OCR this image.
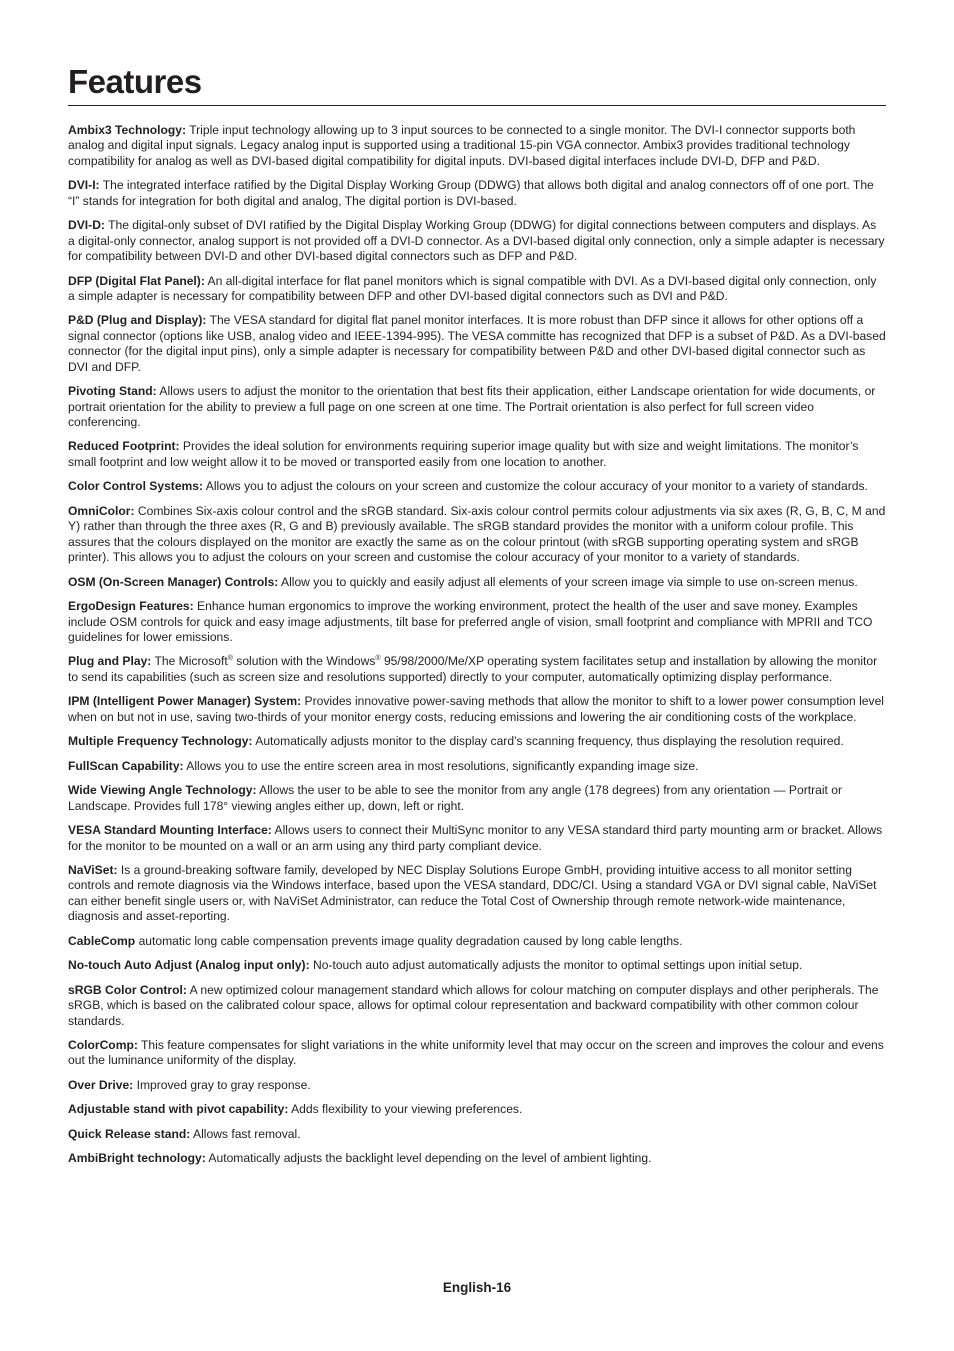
Features

Ambix3 Technology: Triple input technology allowing up to 3 input sources to be connected to a single monitor. The DVI-I connector supports both analog and digital input signals. Legacy analog input is supported using a traditional 15-pin VGA connector. Ambix3 provides traditional technology compatibility for analog as well as DVI-based digital compatibility for digital inputs. DVI-based digital interfaces include DVI-D, DFP and P&D.

DVI-I: The integrated interface ratified by the Digital Display Working Group (DDWG) that allows both digital and analog connectors off of one port. The “I” stands for integration for both digital and analog, The digital portion is DVI-based.

DVI-D: The digital-only subset of DVI ratified by the Digital Display Working Group (DDWG) for digital connections between computers and displays. As a digital-only connector, analog support is not provided off a DVI-D connector. As a DVI-based digital only connection, only a simple adapter is necessary for compatibility between DVI-D and other DVI-based digital connectors such as DFP and P&D.

DFP (Digital Flat Panel): An all-digital interface for flat panel monitors which is signal compatible with DVI. As a DVI-based digital only connection, only a simple adapter is necessary for compatibility between DFP and other DVI-based digital connectors such as DVI and P&D.

P&D (Plug and Display): The VESA standard for digital flat panel monitor interfaces. It is more robust than DFP since it allows for other options off a signal connector (options like USB, analog video and IEEE-1394-995). The VESA committe has recognized that DFP is a subset of P&D. As a DVI-based connector (for the digital input pins), only a simple adapter is necessary for compatibility between P&D and other DVI-based digital connector such as DVI and DFP.

Pivoting Stand: Allows users to adjust the monitor to the orientation that best fits their application, either Landscape orientation for wide documents, or portrait orientation for the ability to preview a full page on one screen at one time. The Portrait orientation is also perfect for full screen video conferencing.

Reduced Footprint: Provides the ideal solution for environments requiring superior image quality but with size and weight limitations. The monitor’s small footprint and low weight allow it to be moved or transported easily from one location to another.

Color Control Systems: Allows you to adjust the colours on your screen and customize the colour accuracy of your monitor to a variety of standards.

OmniColor: Combines Six-axis colour control and the sRGB standard. Six-axis colour control permits colour adjustments via six axes (R, G, B, C, M and Y) rather than through the three axes (R, G and B) previously available. The sRGB standard provides the monitor with a uniform colour profile. This assures that the colours displayed on the monitor are exactly the same as on the colour printout (with sRGB supporting operating system and sRGB printer). This allows you to adjust the colours on your screen and customise the colour accuracy of your monitor to a variety of standards.

OSM (On-Screen Manager) Controls: Allow you to quickly and easily adjust all elements of your screen image via simple to use on-screen menus.

ErgoDesign Features: Enhance human ergonomics to improve the working environment, protect the health of the user and save money. Examples include OSM controls for quick and easy image adjustments, tilt base for preferred angle of vision, small footprint and compliance with MPRII and TCO guidelines for lower emissions.

Plug and Play: The Microsoft® solution with the Windows® 95/98/2000/Me/XP operating system facilitates setup and installation by allowing the monitor to send its capabilities (such as screen size and resolutions supported) directly to your computer, automatically optimizing display performance.

IPM (Intelligent Power Manager) System: Provides innovative power-saving methods that allow the monitor to shift to a lower power consumption level when on but not in use, saving two-thirds of your monitor energy costs, reducing emissions and lowering the air conditioning costs of the workplace.

Multiple Frequency Technology: Automatically adjusts monitor to the display card’s scanning frequency, thus displaying the resolution required.

FullScan Capability: Allows you to use the entire screen area in most resolutions, significantly expanding image size.

Wide Viewing Angle Technology: Allows the user to be able to see the monitor from any angle (178 degrees) from any orientation — Portrait or Landscape. Provides full 178° viewing angles either up, down, left or right.

VESA Standard Mounting Interface: Allows users to connect their MultiSync monitor to any VESA standard third party mounting arm or bracket. Allows for the monitor to be mounted on a wall or an arm using any third party compliant device.

NaViSet: Is a ground-breaking software family, developed by NEC Display Solutions Europe GmbH, providing intuitive access to all monitor setting controls and remote diagnosis via the Windows interface, based upon the VESA standard, DDC/CI. Using a standard VGA or DVI signal cable, NaViSet can either benefit single users or, with NaViSet Administrator, can reduce the Total Cost of Ownership through remote network-wide maintenance, diagnosis and asset-reporting.

CableComp automatic long cable compensation prevents image quality degradation caused by long cable lengths.

No-touch Auto Adjust (Analog input only): No-touch auto adjust automatically adjusts the monitor to optimal settings upon initial setup.

sRGB Color Control: A new optimized colour management standard which allows for colour matching on computer displays and other peripherals. The sRGB, which is based on the calibrated colour space, allows for optimal colour representation and backward compatibility with other common colour standards.

ColorComp: This feature compensates for slight variations in the white uniformity level that may occur on the screen and improves the colour and evens out the luminance uniformity of the display.

Over Drive: Improved gray to gray response.

Adjustable stand with pivot capability: Adds flexibility to your viewing preferences.

Quick Release stand: Allows fast removal.

AmbiBright technology: Automatically adjusts the backlight level depending on the level of ambient lighting.

English-16
